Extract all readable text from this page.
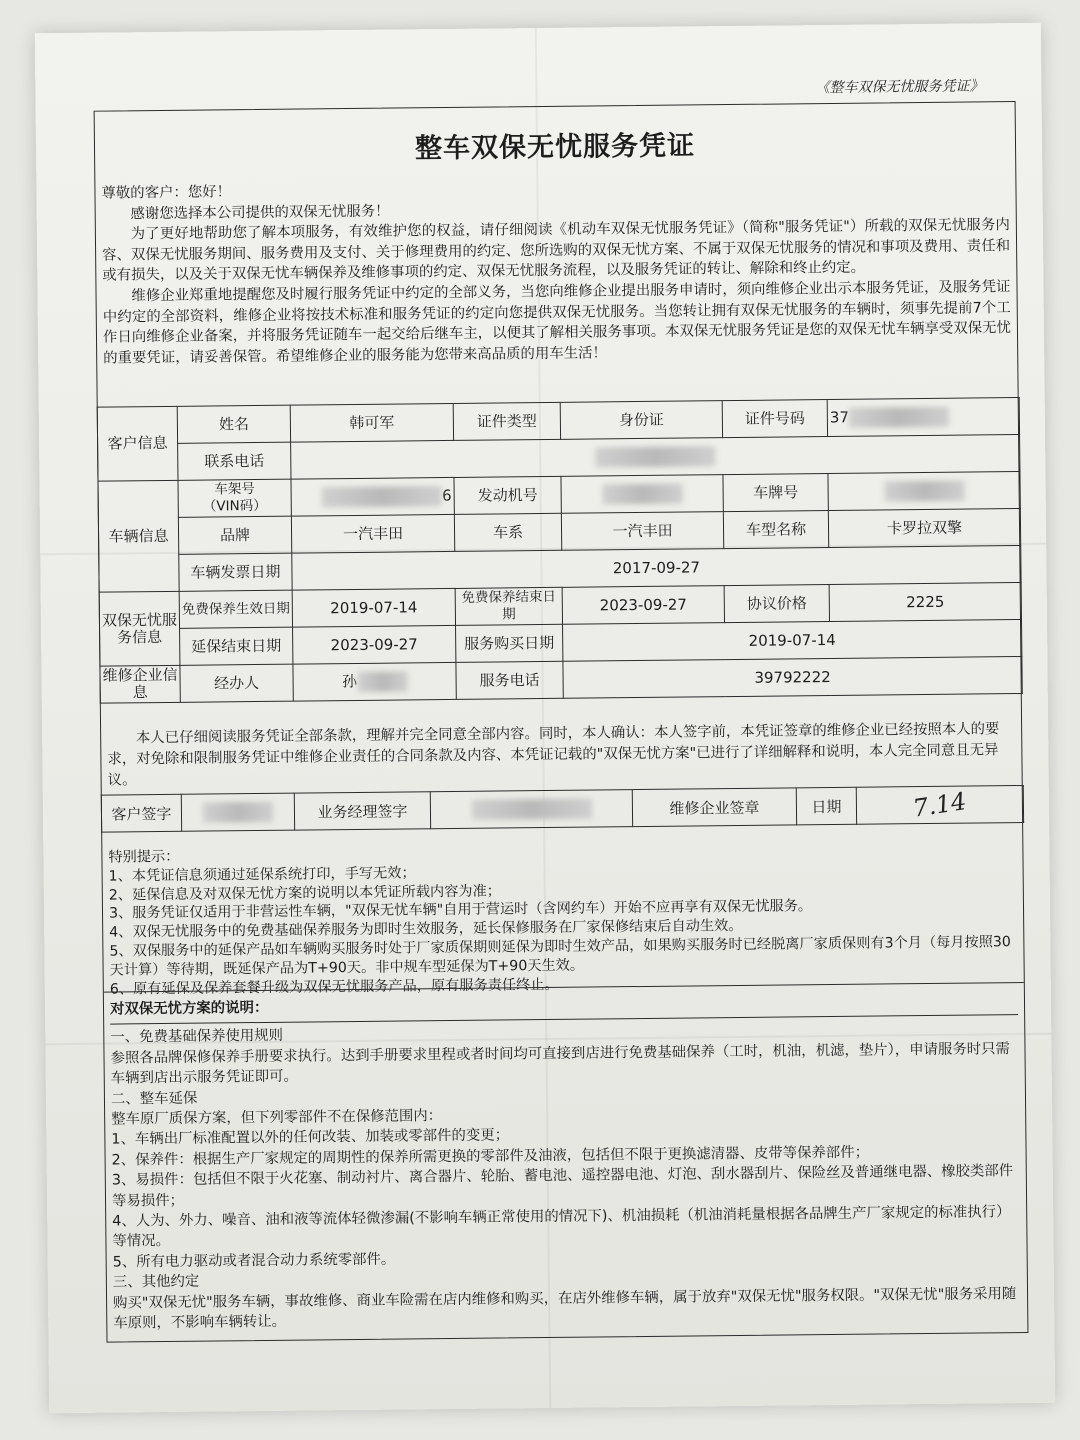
《整车双保无忧服务凭证》
整车双保无忧服务凭证

尊敬的客户：您好！

感谢您选择本公司提供的双保无忧服务！

为了更好地帮助您了解本项服务，有效维护您的权益，请仔细阅读《机动车双保无忧服务凭证》（简称"服务凭证"）所载的双保无忧服务内容、双保无忧服务期间、服务费用及支付、关于修理费用的约定、您所选购的双保无忧方案、不属于双保无忧服务的情况和事项及费用、责任和或有损失，以及关于双保无忧车辆保养及维修事项的约定、双保无忧服务流程，以及服务凭证的转让、解除和终止约定。

维修企业郑重地提醒您及时履行服务凭证中约定的全部义务，当您向维修企业提出服务申请时，须向维修企业出示本服务凭证，及服务凭证中约定的全部资料，维修企业将按技术标准和服务凭证的约定向您提供双保无忧服务。当您转让拥有双保无忧服务的车辆时，须事先提前7个工作日向维修企业备案，并将服务凭证随车一起交给后继车主，以便其了解相关服务事项。本双保无忧服务凭证是您的双保无忧车辆享受双保无忧的重要凭证，请妥善保管。希望维修企业的服务能为您带来高品质的用车生活！

客户信息	姓名	韩可军	证件类型	身份证	证件号码	37
	联系电话					
车辆信息	车架号
（VIN码）	6	发动机号		车牌号	
	品牌	一汽丰田	车系	一汽丰田	车型名称	卡罗拉双擎
	车辆发票日期	2017-09-27				
双保无忧服务信息	免费保养生效日期	2019-07-14	免费保养结束日期	2023-09-27	协议价格	2225
	延保结束日期	2023-09-27	服务购买日期	2019-07-14		
维修企业信息	经办人	孙	服务电话	39792222		

本人已仔细阅读服务凭证全部条款，理解并完全同意全部内容。同时，本人确认：本人签字前，本凭证签章的维修企业已经按照本人的要求，对免除和限制服务凭证中维修企业责任的合同条款及内容、本凭证记载的"双保无忧方案"已进行了详细解释和说明，本人完全同意且无异议。

客户签字		业务经理签字		维修企业签章	日期	7.14

特别提示：

1、本凭证信息须通过延保系统打印，手写无效；

2、延保信息及对双保无忧方案的说明以本凭证所载内容为准；

3、服务凭证仅适用于非营运性车辆，"双保无忧车辆"自用于营运时（含网约车）开始不应再享有双保无忧服务。

4、双保无忧服务中的免费基础保养服务为即时生效服务，延长保修服务在厂家保修结束后自动生效。

5、双保服务中的延保产品如车辆购买服务时处于厂家质保期则延保为即时生效产品，如果购买服务时已经脱离厂家质保则有3个月（每月按照30天计算）等待期，既延保产品为T+90天。非中规车型延保为T+90天生效。

6、原有延保及保养套餐升级为双保无忧服务产品，原有服务责任终止。

对双保无忧方案的说明：

一、免费基础保养使用规则

参照各品牌保修保养手册要求执行。达到手册要求里程或者时间均可直接到店进行免费基础保养（工时，机油，机滤，垫片），申请服务时只需车辆到店出示服务凭证即可。

二、整车延保

整车原厂质保方案，但下列零部件不在保修范围内：

1、车辆出厂标准配置以外的任何改装、加装或零部件的变更；

2、保养件：根据生产厂家规定的周期性的保养所需更换的零部件及油液，包括但不限于更换滤清器、皮带等保养部件；

3、易损件：包括但不限于火花塞、制动衬片、离合器片、轮胎、蓄电池、遥控器电池、灯泡、刮水器刮片、保险丝及普通继电器、橡胶类部件等易损件；

4、人为、外力、噪音、油和液等流体轻微渗漏(不影响车辆正常使用的情况下)、机油损耗（机油消耗量根据各品牌生产厂家规定的标准执行）等情况。

5、所有电力驱动或者混合动力系统零部件。

三、其他约定

购买"双保无忧"服务车辆，事故维修、商业车险需在店内维修和购买，在店外维修车辆，属于放弃"双保无忧"服务权限。"双保无忧"服务采用随车原则，不影响车辆转让。
